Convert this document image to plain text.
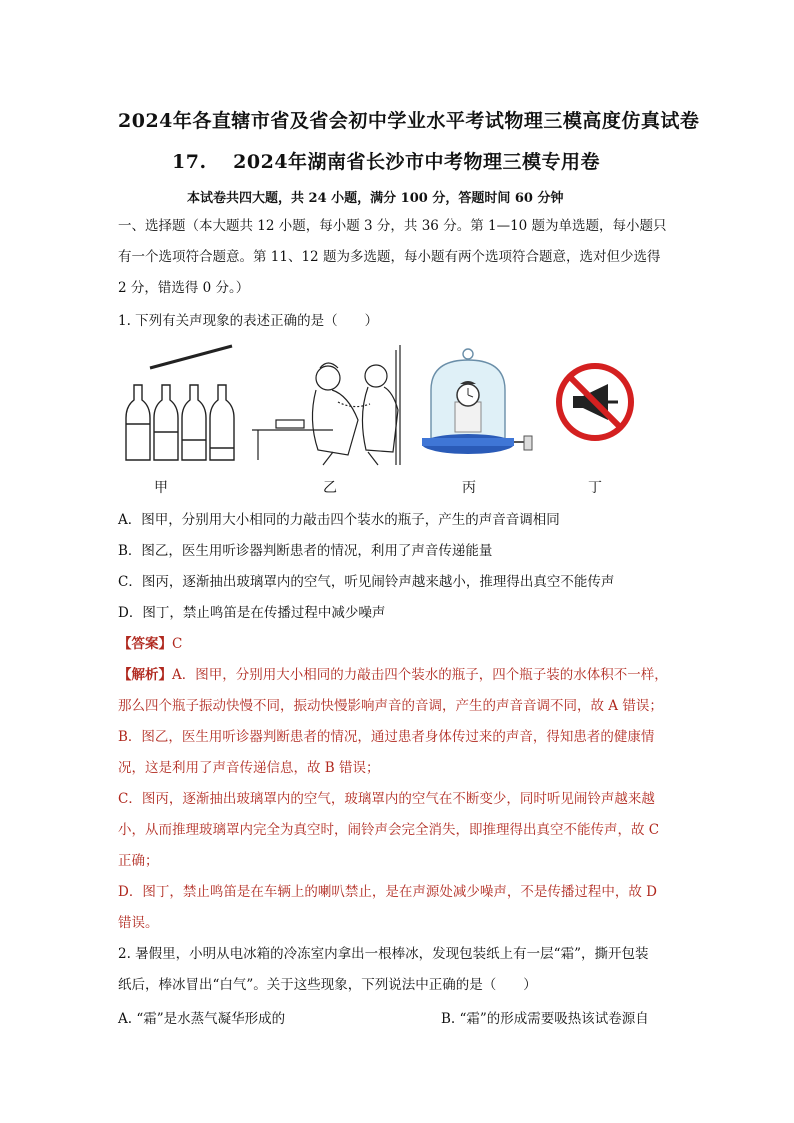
2024年各直辖市省及省会初中学业水平考试物理三模高度仿真试卷
17.　 2024年湖南省长沙市中考物理三模专用卷
本试卷共四大题，共 24 小题，满分 100 分，答题时间 60 分钟
一、选择题（本大题共 12 小题，每小题 3 分，共 36 分。第 1—10 题为单选题，每小题只
有一个选项符合题意。第 11、12 题为多选题，每小题有两个选项符合题意，选对但少选得
2 分，错选得 0 分。）
1. 下列有关声现象的表述正确的是（　　）
甲	乙	丙	丁
A．图甲，分别用大小相同的力敲击四个装水的瓶子，产生的声音音调相同
B．图乙，医生用听诊器判断患者的情况，利用了声音传递能量
C．图丙，逐渐抽出玻璃罩内的空气，听见闹铃声越来越小，推理得出真空不能传声
D．图丁，禁止鸣笛是在传播过程中减少噪声
【答案】C
【解析】A．图甲，分别用大小相同的力敲击四个装水的瓶子，四个瓶子装的水体积不一样，
那么四个瓶子振动快慢不同，振动快慢影响声音的音调，产生的声音音调不同，故 A 错误；
B．图乙，医生用听诊器判断患者的情况，通过患者身体传过来的声音，得知患者的健康情
况，这是利用了声音传递信息，故 B 错误；
C．图丙，逐渐抽出玻璃罩内的空气，玻璃罩内的空气在不断变少，同时听见闹铃声越来越
小，从而推理玻璃罩内完全为真空时，闹铃声会完全消失，即推理得出真空不能传声，故 C
正确；
D．图丁，禁止鸣笛是在车辆上的喇叭禁止，是在声源处减少噪声，不是传播过程中，故 D
错误。
2. 暑假里，小明从电冰箱的冷冻室内拿出一根棒冰，发现包装纸上有一层“霜”，撕开包装
纸后，棒冰冒出“白气”。关于这些现象，下列说法中正确的是（　　）
A. “霜”是水蒸气凝华形成的	B. “霜”的形成需要吸热该试卷源自
